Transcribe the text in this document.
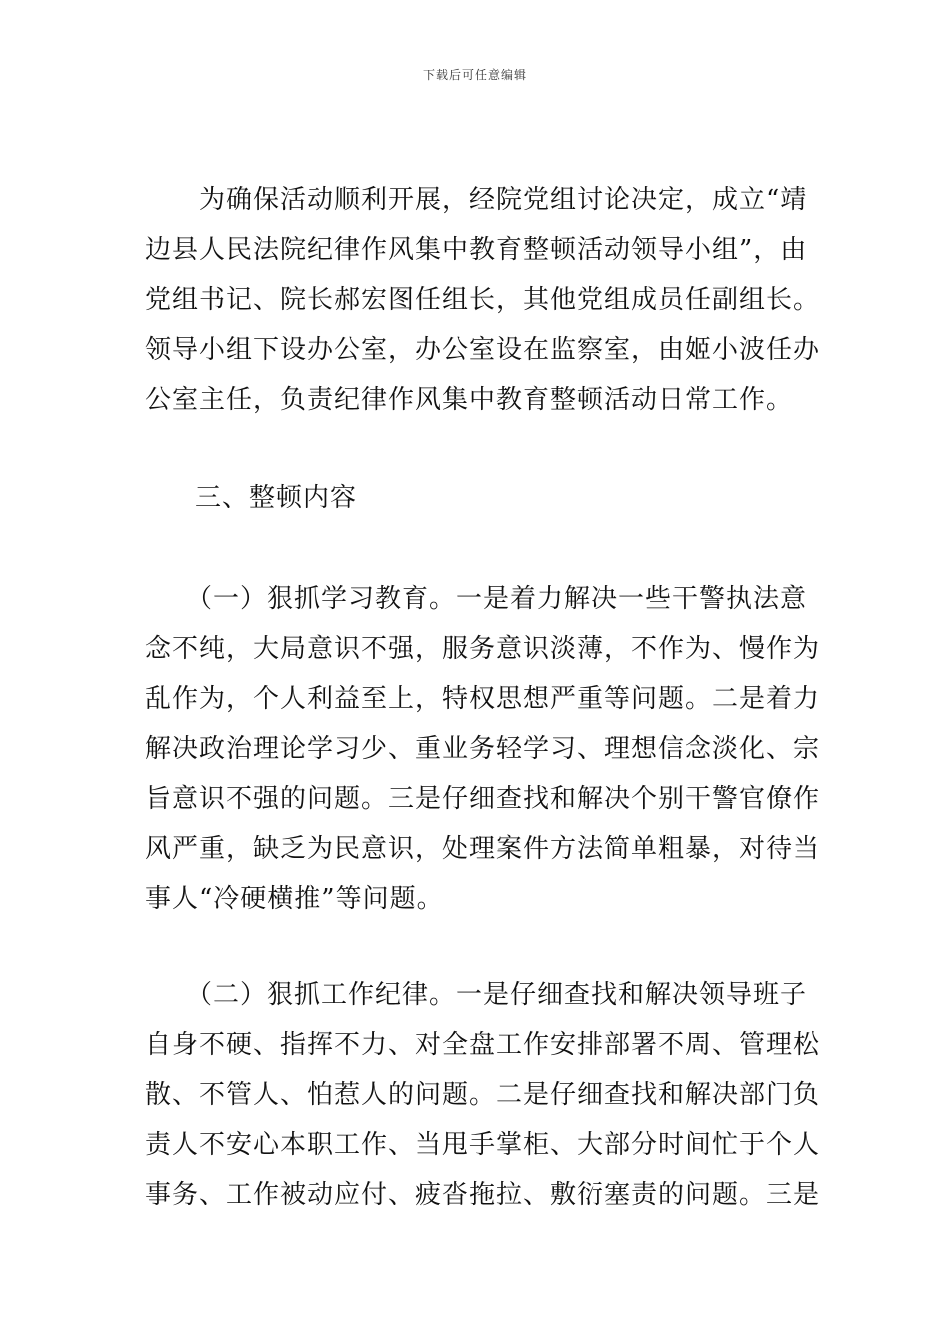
下载后可任意编辑
　　为确保活动顺利开展，经院党组讨论决定，成立“靖
边县人民法院纪律作风集中教育整顿活动领导小组”，由
党组书记、院长郝宏图任组长，其他党组成员任副组长。
领导小组下设办公室，办公室设在监察室，由姬小波任办
公室主任，负责纪律作风集中教育整顿活动日常工作。
三、整顿内容
　　（一）狠抓学习教育。一是着力解决一些干警执法意
念不纯，大局意识不强，服务意识淡薄，不作为、慢作为
乱作为，个人利益至上，特权思想严重等问题。二是着力
解决政治理论学习少、重业务轻学习、理想信念淡化、宗
旨意识不强的问题。三是仔细查找和解决个别干警官僚作
风严重，缺乏为民意识，处理案件方法简单粗暴，对待当
事人“冷硬横推”等问题。
　　（二）狠抓工作纪律。一是仔细查找和解决领导班子
自身不硬、指挥不力、对全盘工作安排部署不周、管理松
散、不管人、怕惹人的问题。二是仔细查找和解决部门负
责人不安心本职工作、当甩手掌柜、大部分时间忙于个人
事务、工作被动应付、疲沓拖拉、敷衍塞责的问题。三是
